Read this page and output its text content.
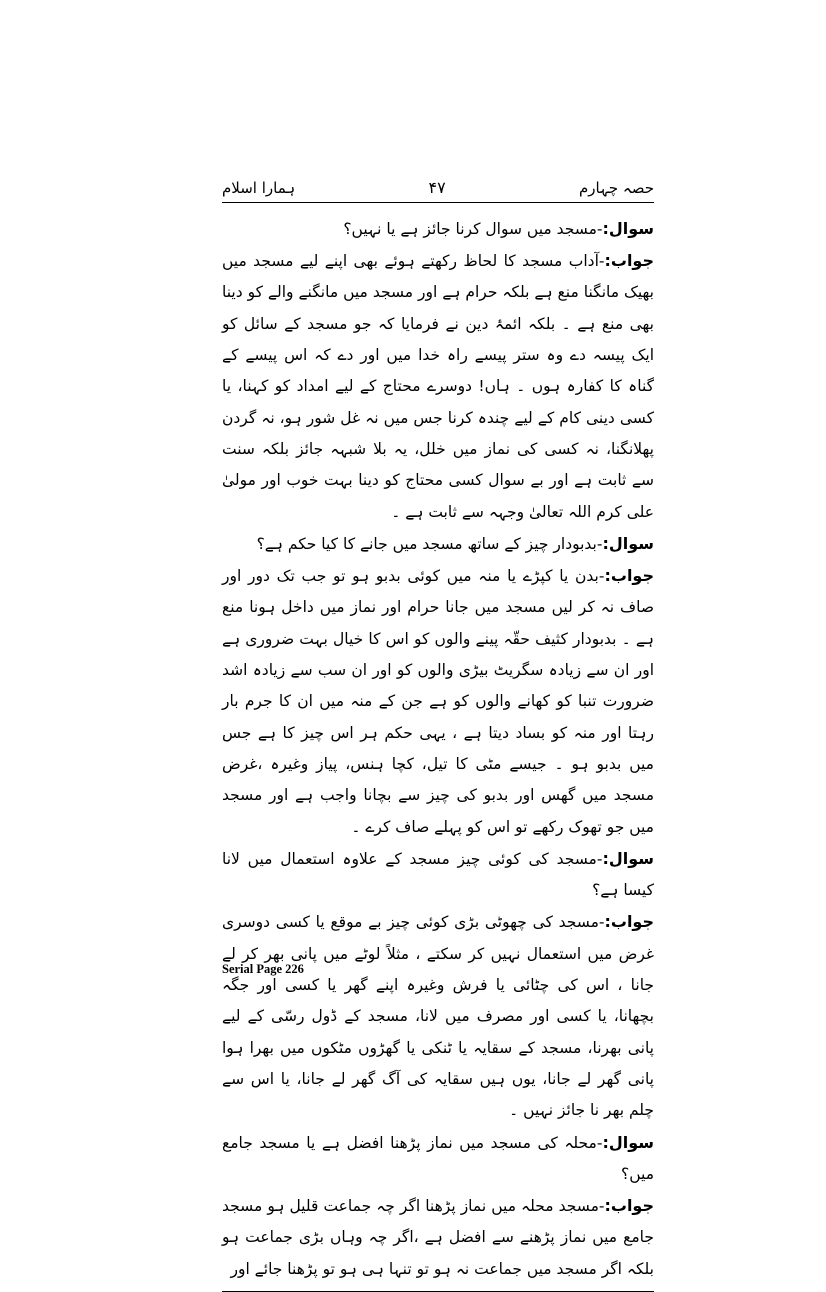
ہمارا اسلام	۴۷	حصہ چہارم

سوال:-مسجد میں سوال کرنا جائز ہے یا نہیں؟

جواب:-آداب مسجد کا لحاظ رکھتے ہوئے بھی اپنے لیے مسجد میں بھیک مانگنا منع ہے بلکہ حرام ہے اور مسجد میں مانگنے والے کو دینا بھی منع ہے ۔ بلکہ ائمۂ دین نے فرمایا کہ جو مسجد کے سائل کو ایک پیسہ دے وہ ستر پیسے راہ خدا میں اور دے کہ اس پیسے کے گناہ کا کفارہ ہوں ۔ ہاں! دوسرے محتاج کے لیے امداد کو کہنا، یا کسی دینی کام کے لیے چندہ کرنا جس میں نہ غل شور ہو، نہ گردن پھلانگنا، نہ کسی کی نماز میں خلل، یہ بلا شبہہ جائز بلکہ سنت سے ثابت ہے اور بے سوال کسی محتاج کو دینا بہت خوب اور مولیٰ علی کرم اللہ تعالیٰ وجہہ سے ثابت ہے ۔

سوال:-بدبودار چیز کے ساتھ مسجد میں جانے کا کیا حکم ہے؟

جواب:-بدن یا کپڑے یا منہ میں کوئی بدبو ہو تو جب تک دور اور صاف نہ کر لیں مسجد میں جانا حرام اور نماز میں داخل ہونا منع ہے ۔ بدبودار کثیف حقّہ پینے والوں کو اس کا خیال بہت ضروری ہے اور ان سے زیادہ سگریٹ بیڑی والوں کو اور ان سب سے زیادہ اشد ضرورت تنبا کو کھانے والوں کو ہے جن کے منہ میں ان کا جرم بار رہتا اور منہ کو بساد دیتا ہے ، یہی حکم ہر اس چیز کا ہے جس میں بدبو ہو ۔ جیسے مٹی کا تیل، کچا ہنس، پیاز وغیرہ ،غرض مسجد میں گھس اور بدبو کی چیز سے بچانا واجب ہے اور مسجد میں جو تھوک رکھے تو اس کو پہلے صاف کرے ۔

سوال:-مسجد کی کوئی چیز مسجد کے علاوہ استعمال میں لانا کیسا ہے؟

جواب:-مسجد کی چھوٹی بڑی کوئی چیز بے موقع یا کسی دوسری غرض میں استعمال نہیں کر سکتے ، مثلاً لوٹے میں پانی بھر کر لے جانا ، اس کی چٹائی یا فرش وغیرہ اپنے گھر یا کسی اور جگہ بچھانا، یا کسی اور مصرف میں لانا، مسجد کے ڈول رسّی کے لیے پانی بھرنا، مسجد کے سقایہ یا ٹنکی یا گھڑوں مٹکوں میں بھرا ہوا پانی گھر لے جانا، یوں ہیں سقایہ کی آگ گھر لے جانا، یا اس سے چلم بھر نا جائز نہیں ۔

سوال:-محلہ کی مسجد میں نماز پڑھنا افضل ہے یا مسجد جامع میں؟

جواب:-مسجد محلہ میں نماز پڑھنا اگر چہ جماعت قلیل ہو مسجد جامع میں نماز پڑھنے سے افضل ہے ،اگر چہ وہاں بڑی جماعت ہو بلکہ اگر مسجد میں جماعت نہ ہو تو تنہا ہی ہو تو پڑھنا جائے اور

Serial Page 226
